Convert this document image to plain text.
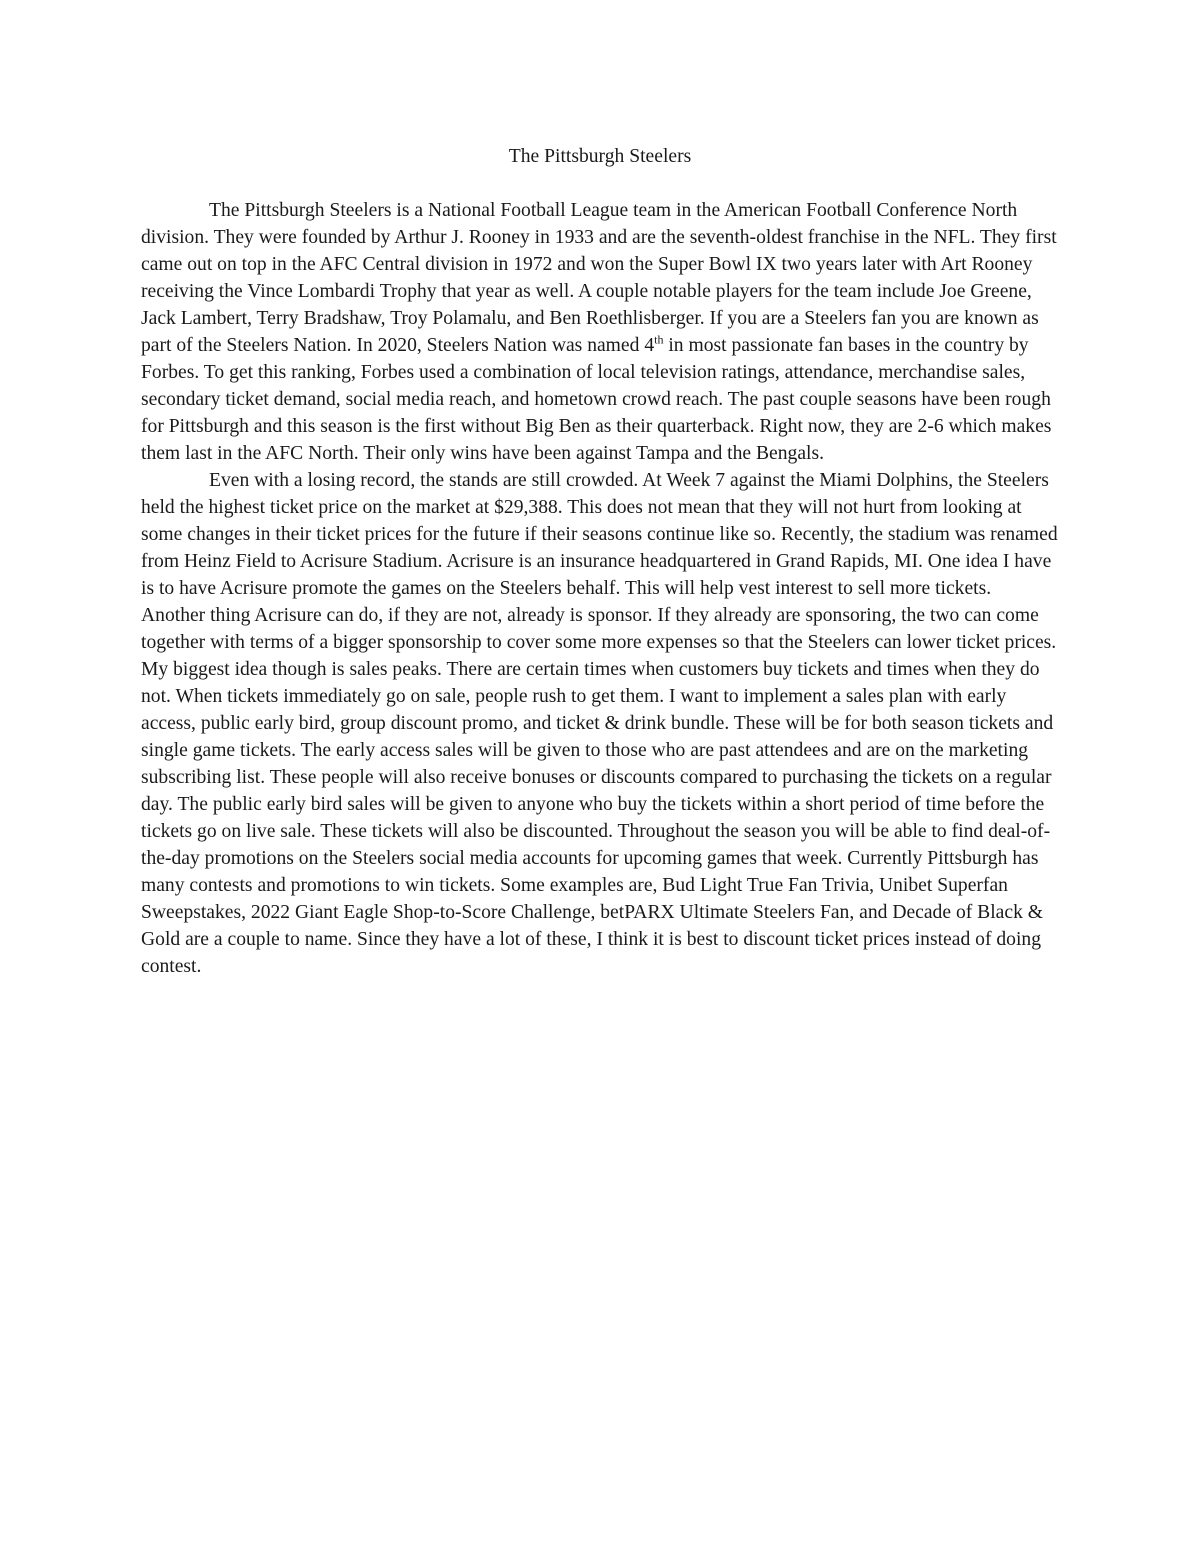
The Pittsburgh Steelers

The Pittsburgh Steelers is a National Football League team in the American Football Conference North division. They were founded by Arthur J. Rooney in 1933 and are the seventh-oldest franchise in the NFL. They first came out on top in the AFC Central division in 1972 and won the Super Bowl IX two years later with Art Rooney receiving the Vince Lombardi Trophy that year as well. A couple notable players for the team include Joe Greene, Jack Lambert, Terry Bradshaw, Troy Polamalu, and Ben Roethlisberger. If you are a Steelers fan you are known as part of the Steelers Nation. In 2020, Steelers Nation was named 4th in most passionate fan bases in the country by Forbes. To get this ranking, Forbes used a combination of local television ratings, attendance, merchandise sales, secondary ticket demand, social media reach, and hometown crowd reach. The past couple seasons have been rough for Pittsburgh and this season is the first without Big Ben as their quarterback. Right now, they are 2-6 which makes them last in the AFC North. Their only wins have been against Tampa and the Bengals.

Even with a losing record, the stands are still crowded. At Week 7 against the Miami Dolphins, the Steelers held the highest ticket price on the market at $29,388. This does not mean that they will not hurt from looking at some changes in their ticket prices for the future if their seasons continue like so. Recently, the stadium was renamed from Heinz Field to Acrisure Stadium. Acrisure is an insurance headquartered in Grand Rapids, MI. One idea I have is to have Acrisure promote the games on the Steelers behalf. This will help vest interest to sell more tickets. Another thing Acrisure can do, if they are not, already is sponsor. If they already are sponsoring, the two can come together with terms of a bigger sponsorship to cover some more expenses so that the Steelers can lower ticket prices. My biggest idea though is sales peaks. There are certain times when customers buy tickets and times when they do not. When tickets immediately go on sale, people rush to get them. I want to implement a sales plan with early access, public early bird, group discount promo, and ticket & drink bundle. These will be for both season tickets and single game tickets. The early access sales will be given to those who are past attendees and are on the marketing subscribing list. These people will also receive bonuses or discounts compared to purchasing the tickets on a regular day. The public early bird sales will be given to anyone who buy the tickets within a short period of time before the tickets go on live sale. These tickets will also be discounted. Throughout the season you will be able to find deal-of-the-day promotions on the Steelers social media accounts for upcoming games that week. Currently Pittsburgh has many contests and promotions to win tickets. Some examples are, Bud Light True Fan Trivia, Unibet Superfan Sweepstakes, 2022 Giant Eagle Shop-to-Score Challenge, betPARX Ultimate Steelers Fan, and Decade of Black & Gold are a couple to name. Since they have a lot of these, I think it is best to discount ticket prices instead of doing contest.
